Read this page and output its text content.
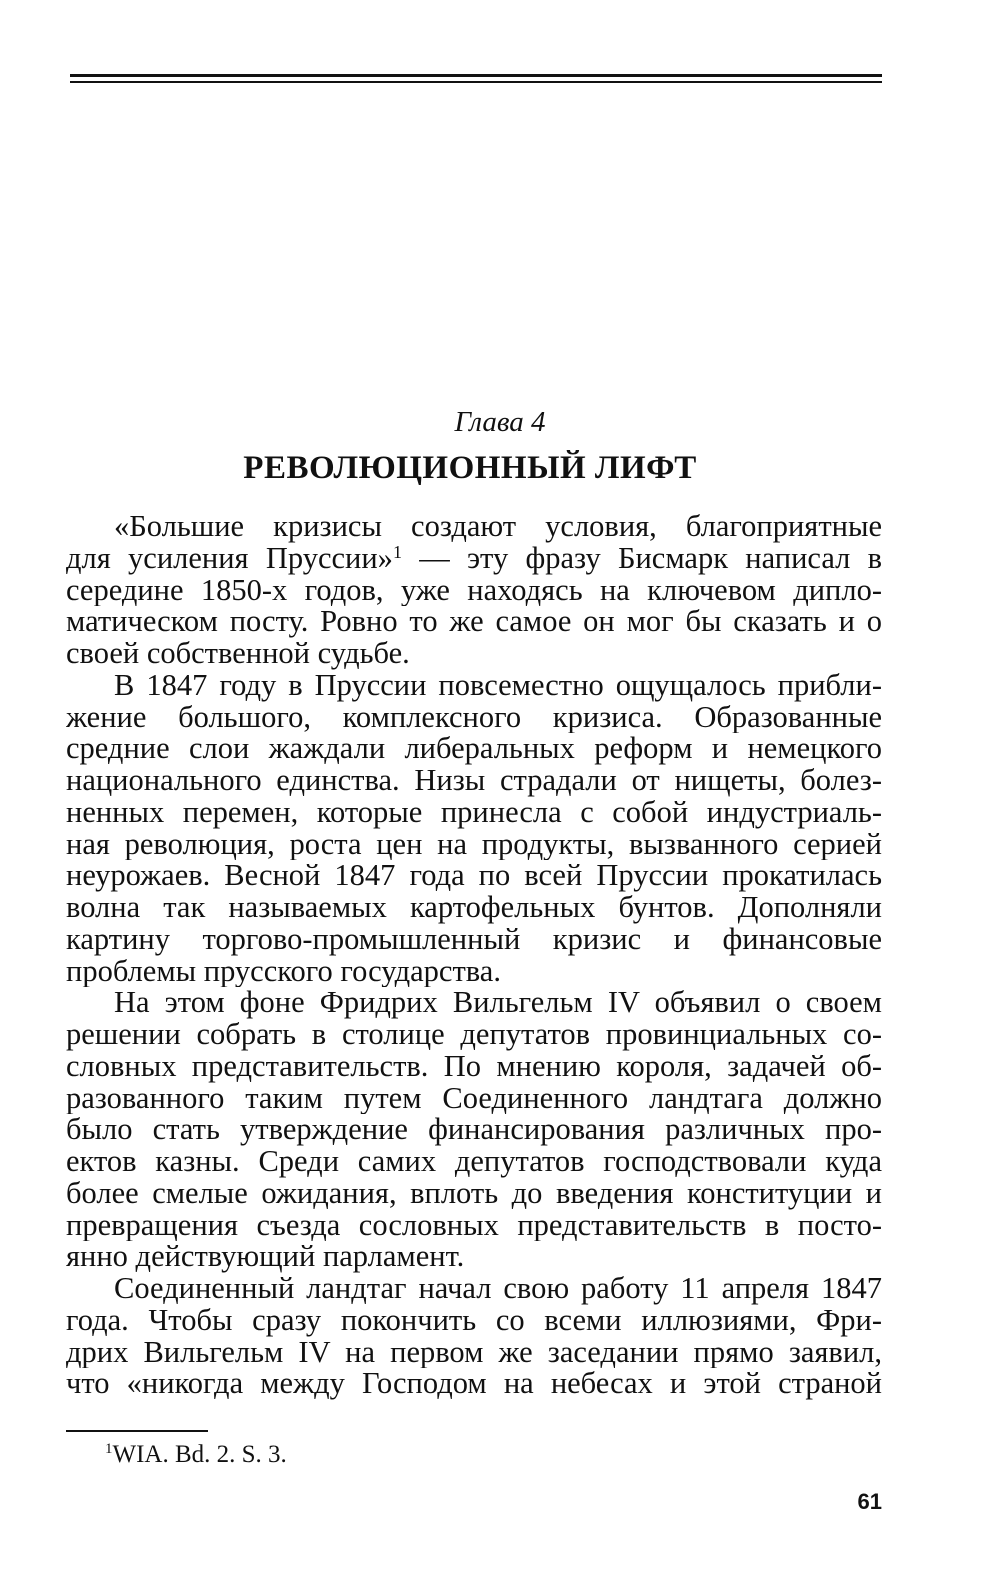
Глава 4
РЕВОЛЮЦИОННЫЙ ЛИФТ
«Большие кризисы создают условия, благоприятные
для усиления Пруссии»$^1$ — эту фразу Бисмарк написал в
середине 1850-х годов, уже находясь на ключевом дипло-
матическом посту. Ровно то же самое он мог бы сказать и о
своей собственной судьбе.
В 1847 году в Пруссии повсеместно ощущалось прибли-
жение большого, комплексного кризиса. Образованные
средние слои жаждали либеральных реформ и немецкого
национального единства. Низы страдали от нищеты, болез-
ненных перемен, которые принесла с собой индустриаль-
ная революция, роста цен на продукты, вызванного серией
неурожаев. Весной 1847 года по всей Пруссии прокатилась
волна так называемых картофельных бунтов. Дополняли
картину торгово-промышленный кризис и финансовые
проблемы прусского государства.
На этом фоне Фридрих Вильгельм IV объявил о своем
решении собрать в столице депутатов провинциальных со-
словных представительств. По мнению короля, задачей об-
разованного таким путем Соединенного ландтага должно
было стать утверждение финансирования различных про-
ектов казны. Среди самих депутатов господствовали куда
более смелые ожидания, вплоть до введения конституции и
превращения съезда сословных представительств в посто-
янно действующий парламент.
Соединенный ландтаг начал свою работу 11 апреля 1847
года. Чтобы сразу покончить со всеми иллюзиями, Фри-
дрих Вильгельм IV на первом же заседании прямо заявил,
что «никогда между Господом на небесах и этой страной
$^1$WIA. Bd. 2. S. 3.
61
